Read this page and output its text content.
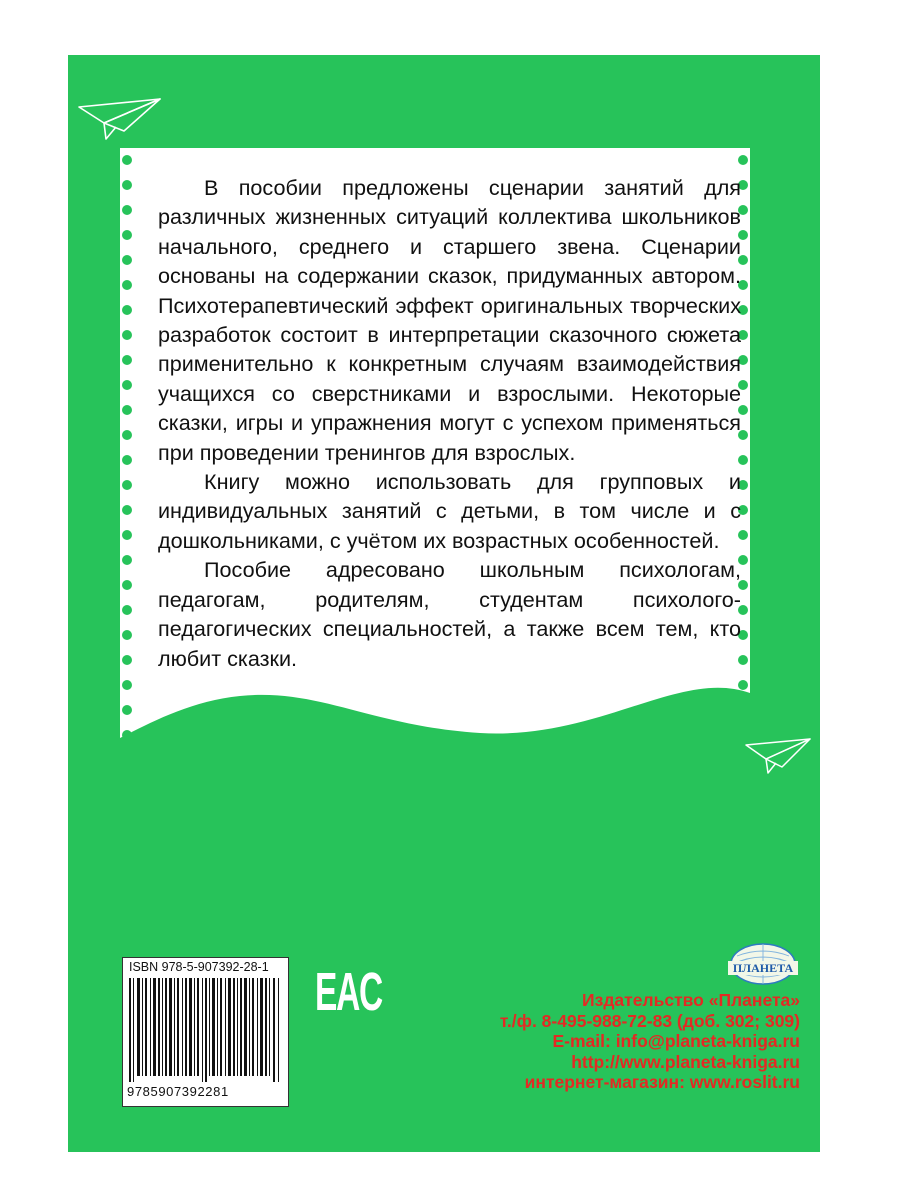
В пособии предложены сценарии занятий для различных жизненных ситуаций коллектива школьников начального, среднего и старшего звена. Сценарии основаны на содержании сказок, придуманных автором. Психотерапевтический эффект оригинальных творческих разработок состоит в интерпретации сказочного сюжета применительно к конкретным случаям взаимодействия учащихся со сверстниками и взрослыми. Некоторые сказки, игры и упражнения могут с успехом применяться при проведении тренингов для взрослых.

Книгу можно использовать для групповых и индивидуальных занятий с детьми, в том числе и с дошкольниками, с учётом их возрастных особенностей.

Пособие адресовано школьным психологам, педагогам, родителям, студентам психолого-педагогических специальностей, а также всем тем, кто любит сказки.

ISBN 978-5-907392-28-1
9785907392281
EAC	ПЛАНЕТА
Издательство «Планета»
т./ф. 8-495-988-72-83 (доб. 302; 309)
E-mail: info@planeta-kniga.ru
http://www.planeta-kniga.ru
интернет-магазин: www.roslit.ru
